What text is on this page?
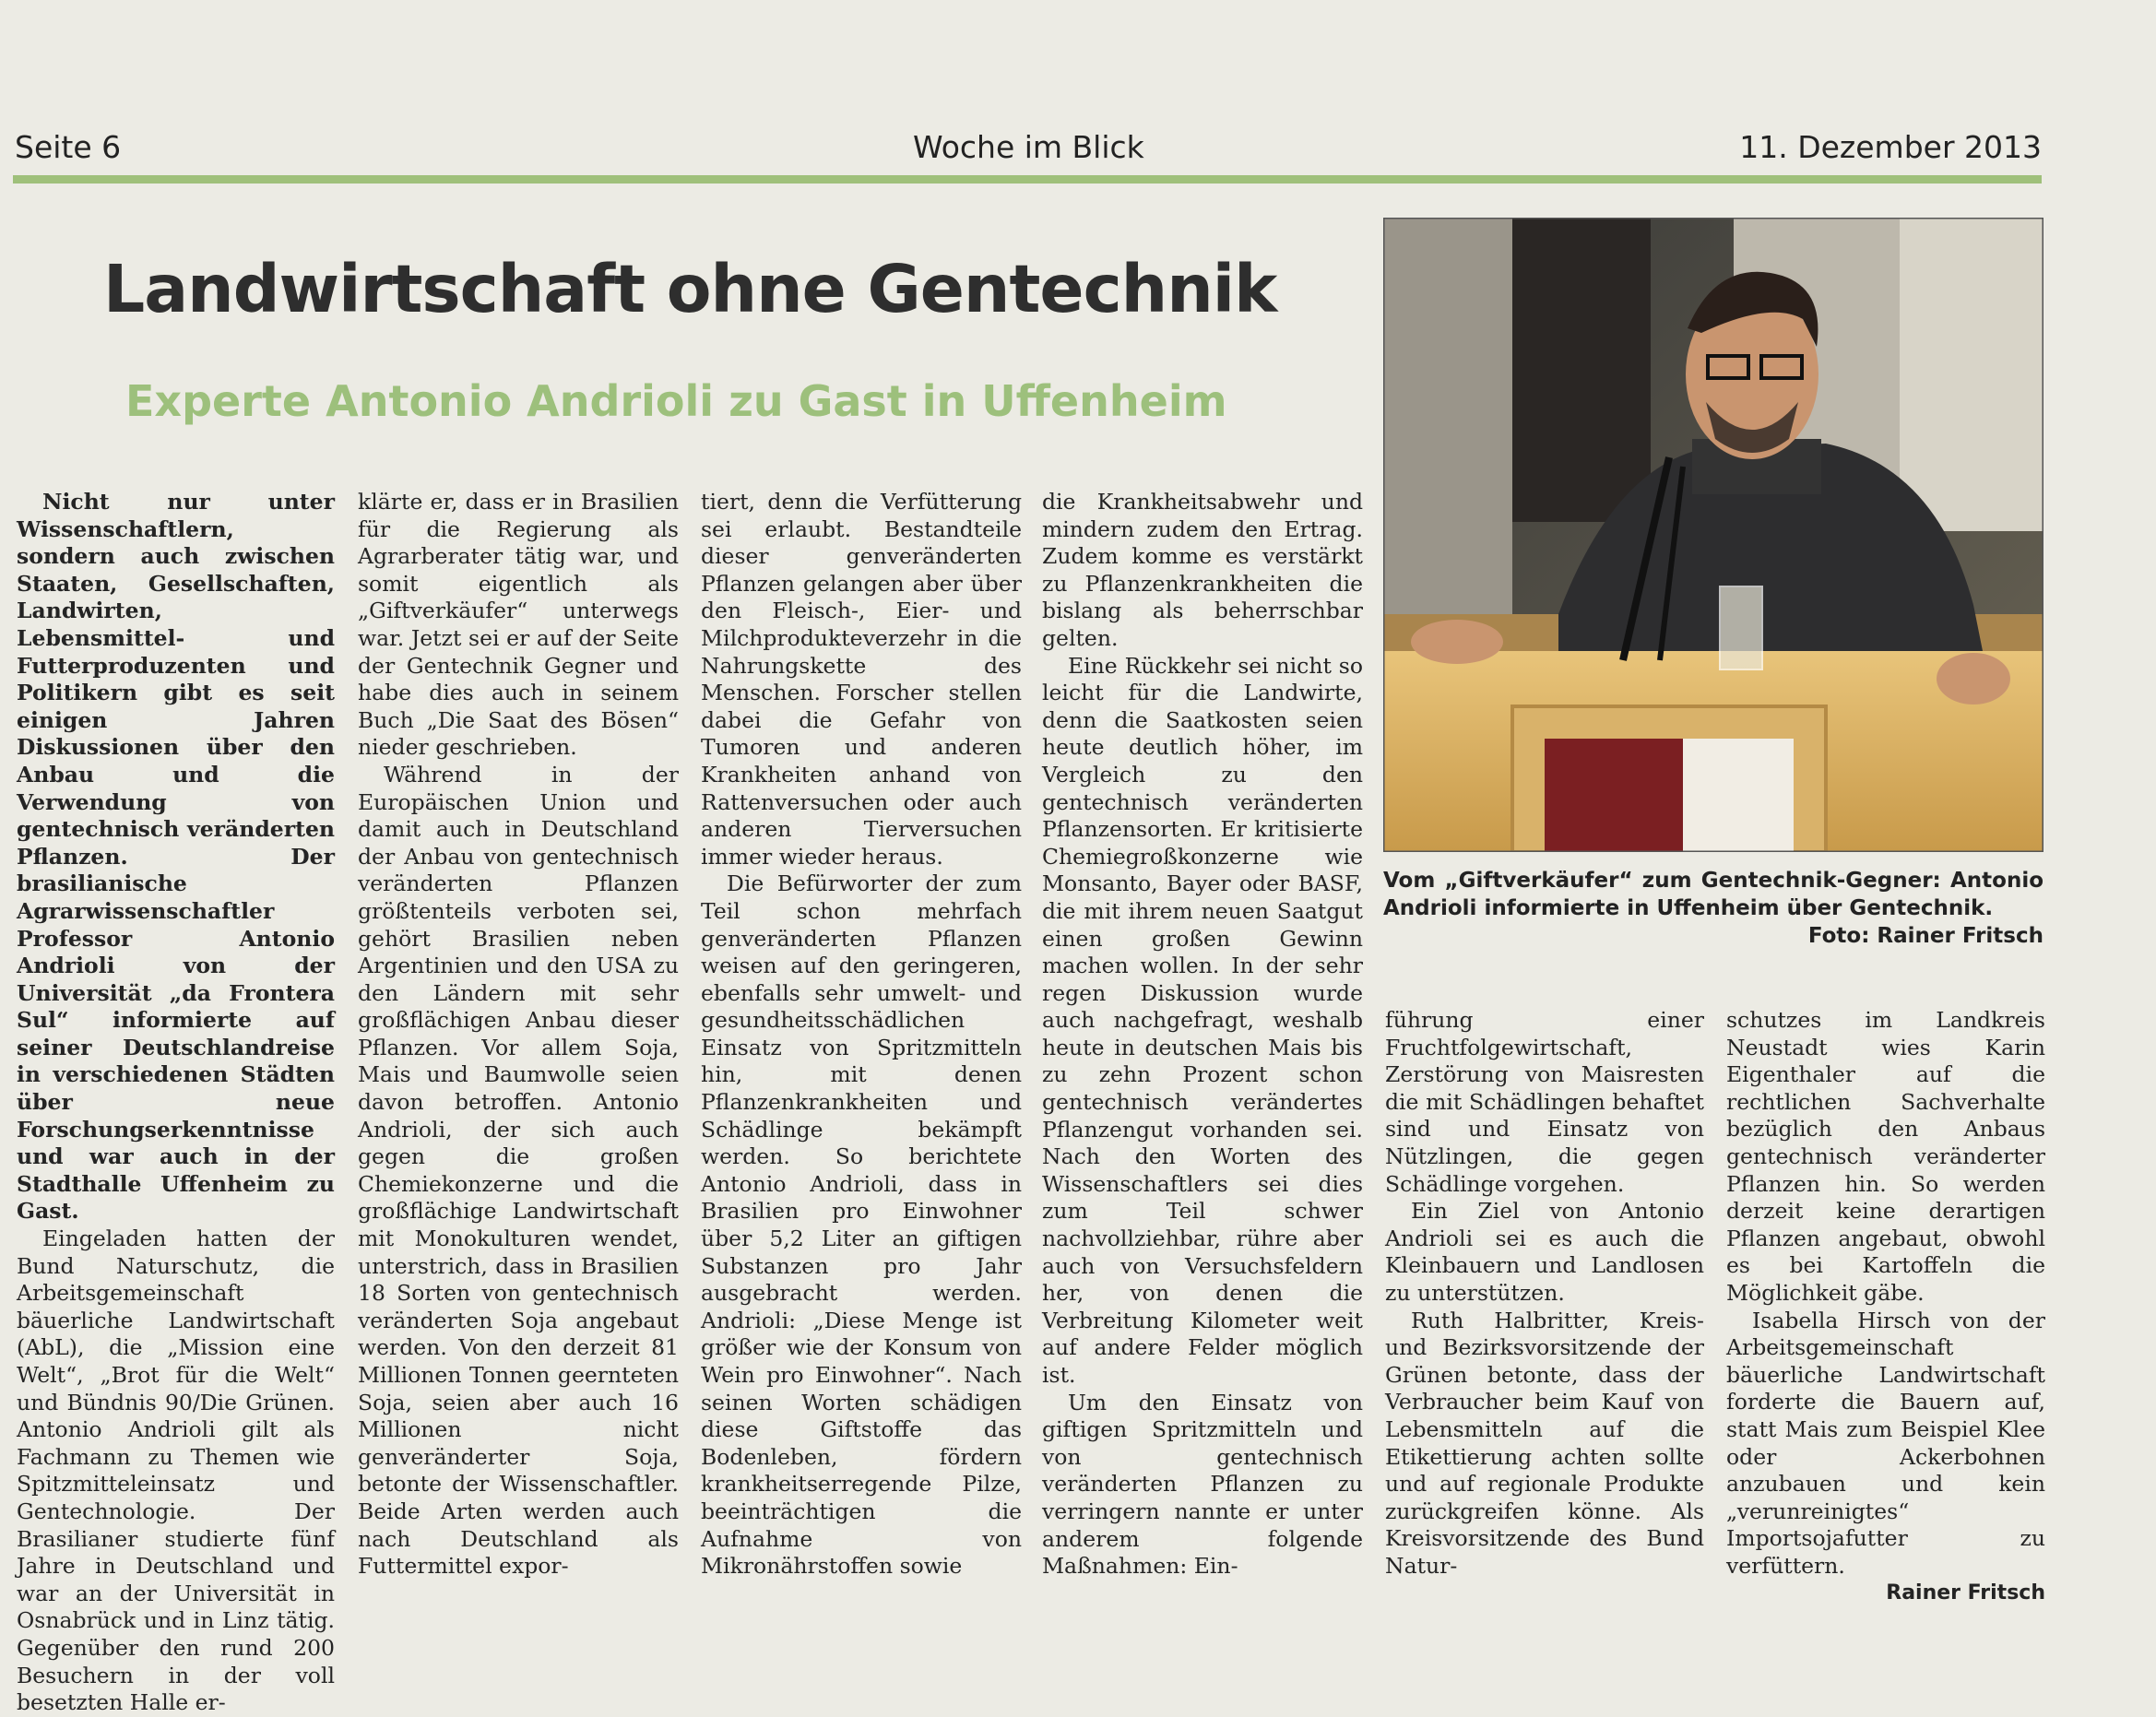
Seite 6	Woche im Blick	11. Dezember 2013
Landwirtschaft ohne Gentechnik
Experte Antonio Andrioli zu Gast in Uffenheim

Nicht nur unter Wissenschaftlern, sondern auch zwischen Staaten, Gesellschaften, Landwirten, Lebensmittel- und Futterproduzenten und Politikern gibt es seit einigen Jahren Diskussionen über den Anbau und die Verwendung von gentechnisch veränderten Pflanzen. Der brasilianische Agrarwissenschaftler Professor Antonio Andrioli von der Universität „da Frontera Sul“ informierte auf seiner Deutschlandreise in verschiedenen Städten über neue Forschungserkenntnisse und war auch in der Stadthalle Uffenheim zu Gast.

Eingeladen hatten der Bund Naturschutz, die Arbeitsgemeinschaft bäuerliche Landwirtschaft (AbL), die „Mission eine Welt“, „Brot für die Welt“ und Bündnis 90/Die Grünen. Antonio Andrioli gilt als Fachmann zu Themen wie Spitzmitteleinsatz und Gentechnologie. Der Brasilianer studierte fünf Jahre in Deutschland und war an der Universität in Osnabrück und in Linz tätig. Gegenüber den rund 200 Besuchern in der voll besetzten Halle er-

klärte er, dass er in Brasilien für die Regierung als Agrarberater tätig war, und somit eigentlich als „Giftverkäufer“ unterwegs war. Jetzt sei er auf der Seite der Gentechnik Gegner und habe dies auch in seinem Buch „Die Saat des Bösen“ nieder geschrieben.

Während in der Europäischen Union und damit auch in Deutschland der Anbau von gentechnisch veränderten Pflanzen größtenteils verboten sei, gehört Brasilien neben Argentinien und den USA zu den Ländern mit sehr großflächigen Anbau dieser Pflanzen. Vor allem Soja, Mais und Baumwolle seien davon betroffen. Antonio Andrioli, der sich auch gegen die großen Chemiekonzerne und die großflächige Landwirtschaft mit Monokulturen wendet, unterstrich, dass in Brasilien 18 Sorten von gentechnisch veränderten Soja angebaut werden. Von den derzeit 81 Millionen Tonnen geernteten Soja, seien aber auch 16 Millionen nicht genveränderter Soja, betonte der Wissenschaftler. Beide Arten werden auch nach Deutschland als Futtermittel expor-

tiert, denn die Verfütterung sei erlaubt. Bestandteile dieser genveränderten Pflanzen gelangen aber über den Fleisch-, Eier- und Milchprodukteverzehr in die Nahrungskette des Menschen. Forscher stellen dabei die Gefahr von Tumoren und anderen Krankheiten anhand von Rattenversuchen oder auch anderen Tierversuchen immer wieder heraus.

Die Befürworter der zum Teil schon mehrfach genveränderten Pflanzen weisen auf den geringeren, ebenfalls sehr umwelt- und gesundheitsschädlichen Einsatz von Spritzmitteln hin, mit denen Pflanzenkrankheiten und Schädlinge bekämpft werden. So berichtete Antonio Andrioli, dass in Brasilien pro Einwohner über 5,2 Liter an giftigen Substanzen pro Jahr ausgebracht werden. Andrioli: „Diese Menge ist größer wie der Konsum von Wein pro Einwohner“. Nach seinen Worten schädigen diese Giftstoffe das Bodenleben, fördern krankheitserregende Pilze, beeinträchtigen die Aufnahme von Mikronährstoffen sowie

die Krankheitsabwehr und mindern zudem den Ertrag. Zudem komme es verstärkt zu Pflanzenkrankheiten die bislang als beherrschbar gelten.

Eine Rückkehr sei nicht so leicht für die Landwirte, denn die Saatkosten seien heute deutlich höher, im Vergleich zu den gentechnisch veränderten Pflanzensorten. Er kritisierte Chemiegroßkonzerne wie Monsanto, Bayer oder BASF, die mit ihrem neuen Saatgut einen großen Gewinn machen wollen. In der sehr regen Diskussion wurde auch nachgefragt, weshalb heute in deutschen Mais bis zu zehn Prozent schon gentechnisch verändertes Pflanzengut vorhanden sei. Nach den Worten des Wissenschaftlers sei dies zum Teil schwer nachvollziehbar, rühre aber auch von Versuchsfeldern her, von denen die Verbreitung Kilometer weit auf andere Felder möglich ist.

Um den Einsatz von giftigen Spritzmitteln und von gentechnisch veränderten Pflanzen zu verringern nannte er unter anderem folgende Maßnahmen: Ein-

Vom „Giftverkäufer“ zum Gentechnik-Gegner: Antonio Andrioli informierte in Uffenheim über Gentechnik.
Foto: Rainer Fritsch

führung einer Fruchtfolgewirtschaft, Zerstörung von Maisresten die mit Schädlingen behaftet sind und Einsatz von Nützlingen, die gegen Schädlinge vorgehen.

Ein Ziel von Antonio Andrioli sei es auch die Kleinbauern und Landlosen zu unterstützen.

Ruth Halbritter, Kreis- und Bezirksvorsitzende der Grünen betonte, dass der Verbraucher beim Kauf von Lebensmitteln auf die Etikettierung achten sollte und auf regionale Produkte zurückgreifen könne. Als Kreisvorsitzende des Bund Natur-

schutzes im Landkreis Neustadt wies Karin Eigenthaler auf die rechtlichen Sachverhalte bezüglich den Anbaus gentechnisch veränderter Pflanzen hin. So werden derzeit keine derartigen Pflanzen angebaut, obwohl es bei Kartoffeln die Möglichkeit gäbe.

Isabella Hirsch von der Arbeitsgemeinschaft bäuerliche Landwirtschaft forderte die Bauern auf, statt Mais zum Beispiel Klee oder Ackerbohnen anzubauen und kein „verunreinigtes“ Importsojafutter zu verfüttern.

Rainer Fritsch
